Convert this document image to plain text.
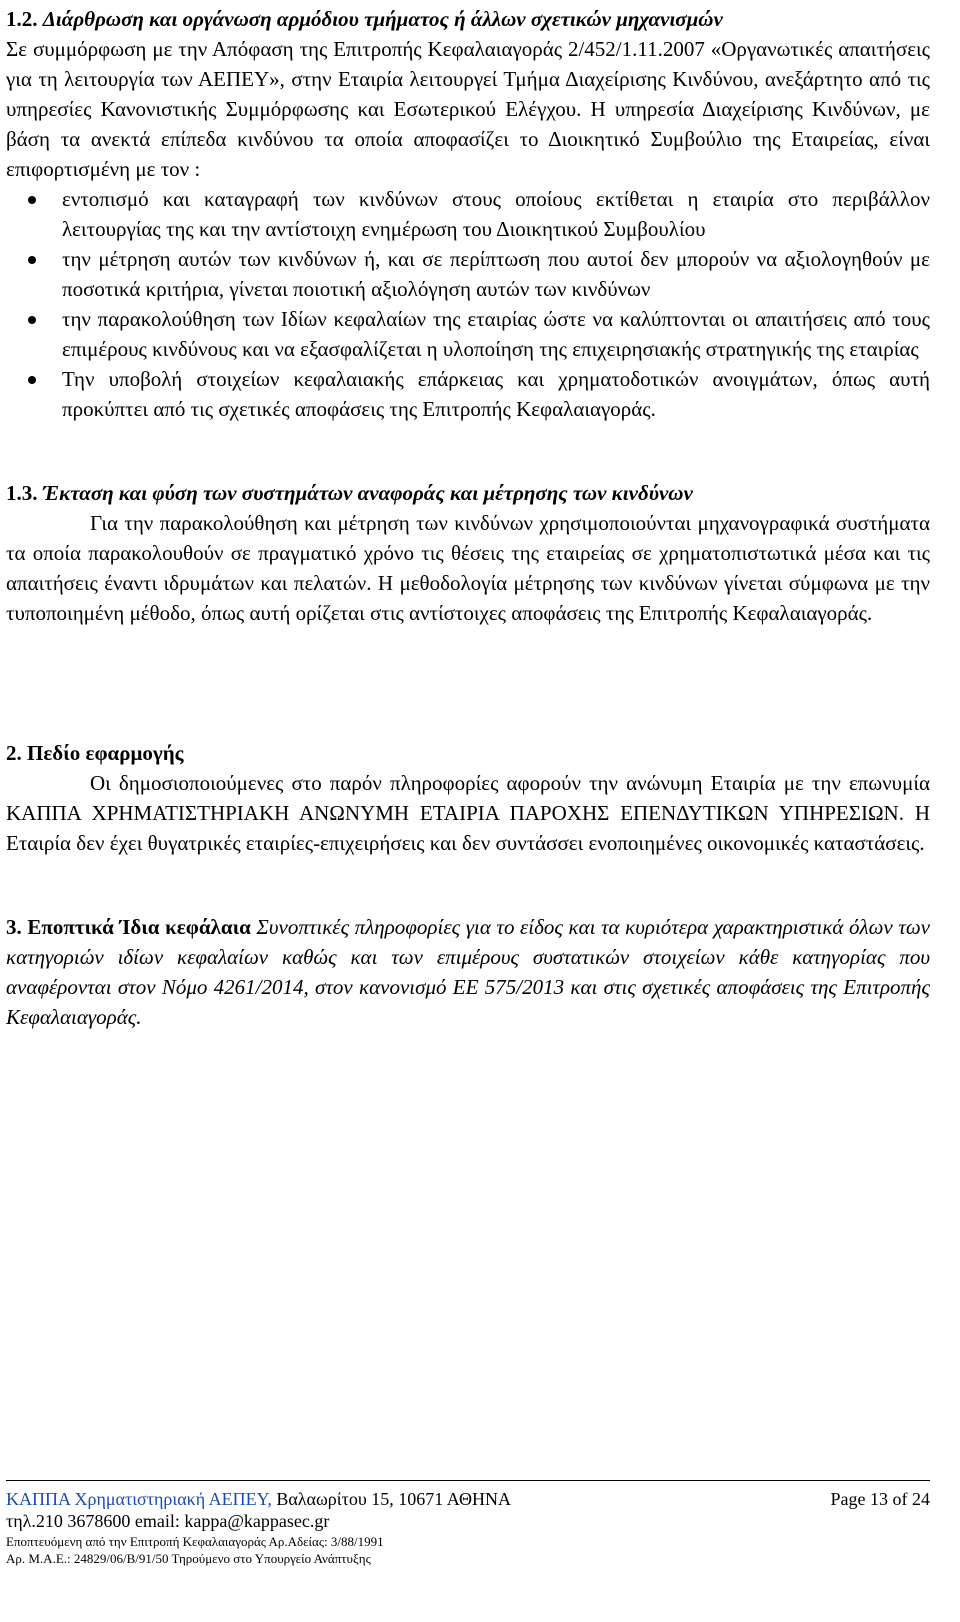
1.2. Διάρθρωση και οργάνωση αρμόδιου τμήματος ή άλλων σχετικών μηχανισμών

Σε συμμόρφωση με την Απόφαση της Επιτροπής Κεφαλαιαγοράς 2/452/1.11.2007 «Οργανωτικές απαιτήσεις για τη λειτουργία των ΑΕΠΕΥ», στην Εταιρία λειτουργεί Τμήμα Διαχείρισης Κινδύνου, ανεξάρτητο από τις υπηρεσίες Κανονιστικής Συμμόρφωσης και Εσωτερικού Ελέγχου. Η υπηρεσία Διαχείρισης Κινδύνων, με βάση τα ανεκτά επίπεδα κινδύνου τα οποία αποφασίζει το Διοικητικό Συμβούλιο της Εταιρείας, είναι επιφορτισμένη με τον :

εντοπισμό και καταγραφή των κινδύνων στους οποίους εκτίθεται η εταιρία στο περιβάλλον λειτουργίας της και την αντίστοιχη ενημέρωση του Διοικητικού Συμβουλίου
την μέτρηση αυτών των κινδύνων ή, και σε περίπτωση που αυτοί δεν μπορούν να αξιολογηθούν με ποσοτικά κριτήρια, γίνεται ποιοτική αξιολόγηση αυτών των κινδύνων
την παρακολούθηση των Ιδίων κεφαλαίων της εταιρίας ώστε να καλύπτονται οι απαιτήσεις από τους επιμέρους κινδύνους και να εξασφαλίζεται η υλοποίηση της επιχειρησιακής στρατηγικής της εταιρίας
Την υποβολή στοιχείων κεφαλαιακής επάρκειας και χρηματοδοτικών ανοιγμάτων, όπως αυτή προκύπτει από τις σχετικές αποφάσεις της Επιτροπής Κεφαλαιαγοράς.

1.3. Έκταση και φύση των συστημάτων αναφοράς και μέτρησης των κινδύνων

Για την παρακολούθηση και μέτρηση των κινδύνων χρησιμοποιούνται μηχανογραφικά συστήματα τα οποία παρακολουθούν σε πραγματικό χρόνο τις θέσεις της εταιρείας σε χρηματοπιστωτικά μέσα και τις απαιτήσεις έναντι ιδρυμάτων και πελατών. Η μεθοδολογία μέτρησης των κινδύνων γίνεται σύμφωνα με την τυποποιημένη μέθοδο, όπως αυτή ορίζεται στις αντίστοιχες αποφάσεις της Επιτροπής Κεφαλαιαγοράς.

2. Πεδίο εφαρμογής

Οι δημοσιοποιούμενες στο παρόν πληροφορίες αφορούν την ανώνυμη Εταιρία με την επωνυμία ΚΑΠΠΑ ΧΡΗΜΑΤΙΣΤΗΡΙΑΚΗ ΑΝΩΝΥΜΗ ΕΤΑΙΡΙΑ ΠΑΡΟΧΗΣ ΕΠΕΝΔΥΤΙΚΩΝ ΥΠΗΡΕΣΙΩΝ. Η Εταιρία δεν έχει θυγατρικές εταιρίες-επιχειρήσεις και δεν συντάσσει ενοποιημένες οικονομικές καταστάσεις.

3. Εποπτικά Ίδια κεφάλαια Συνοπτικές πληροφορίες για το είδος και τα κυριότερα χαρακτηριστικά όλων των κατηγοριών ιδίων κεφαλαίων καθώς και των επιμέρους συστατικών στοιχείων κάθε κατηγορίας που αναφέρονται στον Νόμο 4261/2014, στον κανονισμό ΕΕ 575/2013 και στις σχετικές αποφάσεις της Επιτροπής Κεφαλαιαγοράς.

ΚΑΠΠΑ Χρηματιστηριακή ΑΕΠΕΥ, Βαλαωρίτου 15, 10671 ΑΘΗΝΑ	Page 13 of 24
τηλ.210 3678600 email: kappa@kappasec.gr
Εποπτευόμενη από την Επιτροπή Κεφαλαιαγοράς Αρ.Αδείας: 3/88/1991
Αρ. Μ.Α.Ε.: 24829/06/Β/91/50 Τηρούμενο στο Υπουργείο Ανάπτυξης
